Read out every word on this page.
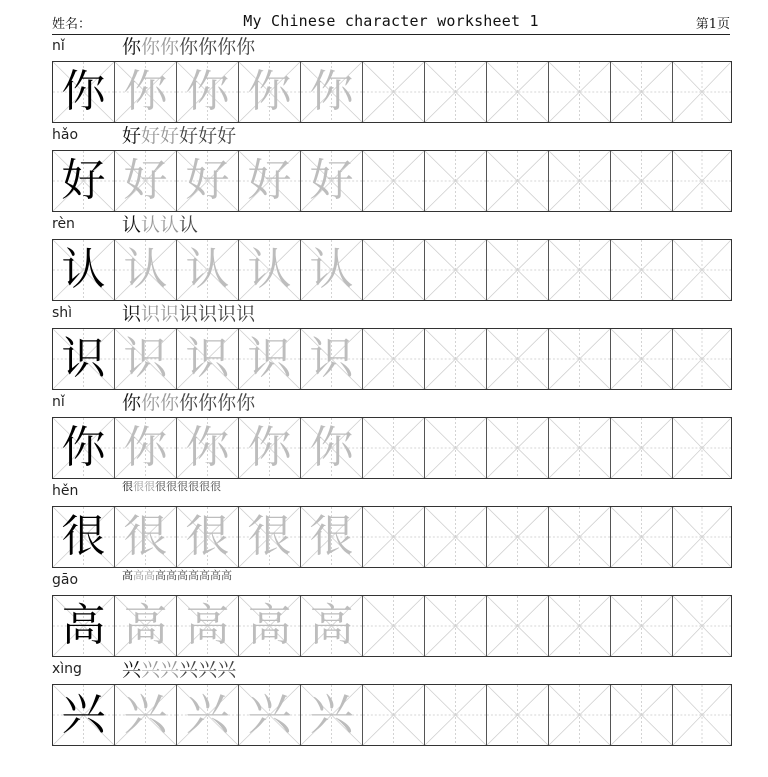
姓名：	My Chinese character worksheet 1	第1页
nǐ	你你你你你你你
你 你 你 你 你
hǎo 好好好好好好
好 好 好 好 好
rèn 认认认认
认 认 认 认 认
shì	识识识识识识识
识 识 识 识 识
nǐ	你你你你你你你
你 你 你 你 你
hěn	很很很很很很很很很
很 很 很 很 很
gāo	高高高高高高高高高高
高 高 高 高 高
xìng 兴兴兴兴兴兴
兴 兴 兴 兴 兴
